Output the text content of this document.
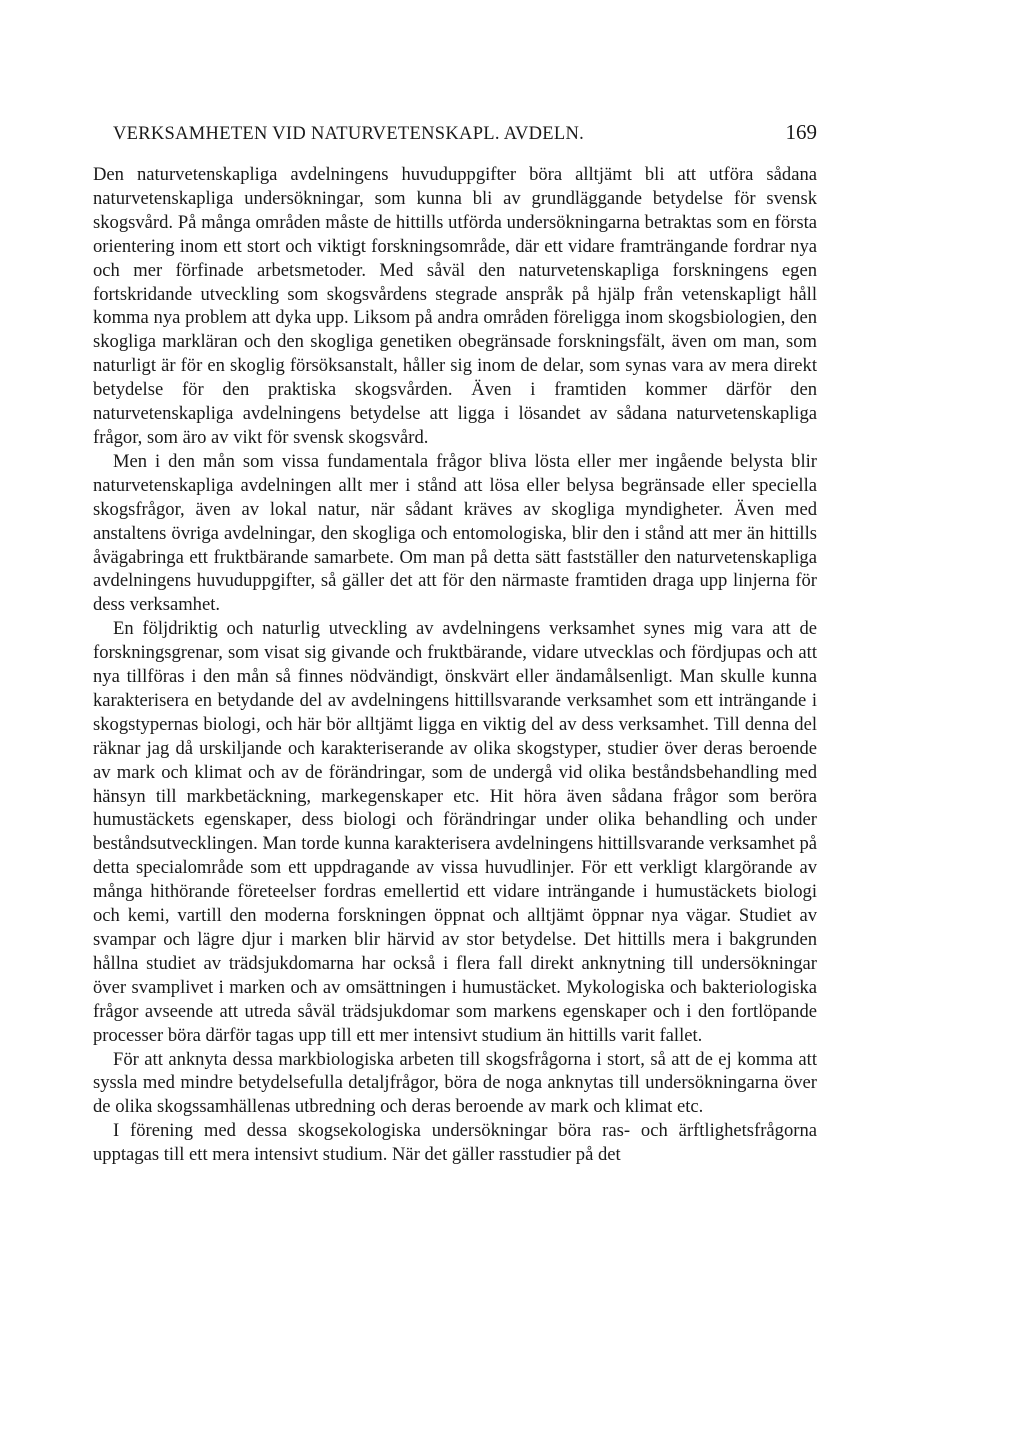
VERKSAMHETEN VID NATURVETENSKAPL. AVDELN.	169

Den naturvetenskapliga avdelningens huvuduppgifter böra alltjämt bli att utföra sådana naturvetenskapliga undersökningar, som kunna bli av grundläggande betydelse för svensk skogsvård. På många områden måste de hittills utförda undersökningarna betraktas som en första orientering inom ett stort och viktigt forskningsområde, där ett vidare framträngande fordrar nya och mer förfinade arbetsmetoder. Med såväl den naturvetenskapliga forskningens egen fortskridande utveckling som skogsvårdens stegrade anspråk på hjälp från vetenskapligt håll komma nya problem att dyka upp. Liksom på andra områden föreligga inom skogsbiologien, den skogliga markläran och den skogliga genetiken obegränsade forskningsfält, även om man, som naturligt är för en skoglig försöksanstalt, håller sig inom de delar, som synas vara av mera direkt betydelse för den praktiska skogsvården. Även i framtiden kommer därför den naturvetenskapliga avdelningens betydelse att ligga i lösandet av sådana naturvetenskapliga frågor, som äro av vikt för svensk skogsvård.

Men i den mån som vissa fundamentala frågor bliva lösta eller mer ingående belysta blir naturvetenskapliga avdelningen allt mer i stånd att lösa eller belysa begränsade eller speciella skogsfrågor, även av lokal natur, när sådant kräves av skogliga myndigheter. Även med anstaltens övriga avdelningar, den skogliga och entomologiska, blir den i stånd att mer än hittills åvägabringa ett fruktbärande samarbete. Om man på detta sätt fastställer den naturvetenskapliga avdelningens huvuduppgifter, så gäller det att för den närmaste framtiden draga upp linjerna för dess verksamhet.

En följdriktig och naturlig utveckling av avdelningens verksamhet synes mig vara att de forskningsgrenar, som visat sig givande och fruktbärande, vidare utvecklas och fördjupas och att nya tillföras i den mån så finnes nödvändigt, önskvärt eller ändamålsenligt. Man skulle kunna karakterisera en betydande del av avdelningens hittillsvarande verksamhet som ett inträngande i skogstypernas biologi, och här bör alltjämt ligga en viktig del av dess verksamhet. Till denna del räknar jag då urskiljande och karakteriserande av olika skogstyper, studier över deras beroende av mark och klimat och av de förändringar, som de undergå vid olika beståndsbehandling med hänsyn till markbetäckning, markegenskaper etc. Hit höra även sådana frågor som beröra humustäckets egenskaper, dess biologi och förändringar under olika behandling och under beståndsutvecklingen. Man torde kunna karakterisera avdelningens hittillsvarande verksamhet på detta specialområde som ett uppdragande av vissa huvudlinjer. För ett verkligt klargörande av många hithörande företeelser fordras emellertid ett vidare inträngande i humustäckets biologi och kemi, vartill den moderna forskningen öppnat och alltjämt öppnar nya vägar. Studiet av svampar och lägre djur i marken blir härvid av stor betydelse. Det hittills mera i bakgrunden hållna studiet av trädsjukdomarna har också i flera fall direkt anknytning till undersökningar över svamplivet i marken och av omsättningen i humustäcket. Mykologiska och bakteriologiska frågor avseende att utreda såväl trädsjukdomar som markens egenskaper och i den fortlöpande processer böra därför tagas upp till ett mer intensivt studium än hittills varit fallet.

För att anknyta dessa markbiologiska arbeten till skogsfrågorna i stort, så att de ej komma att syssla med mindre betydelsefulla detaljfrågor, böra de noga anknytas till undersökningarna över de olika skogssamhällenas utbredning och deras beroende av mark och klimat etc.

I förening med dessa skogsekologiska undersökningar böra ras- och ärftlighetsfrågorna upptagas till ett mera intensivt studium. När det gäller rasstudier på det
